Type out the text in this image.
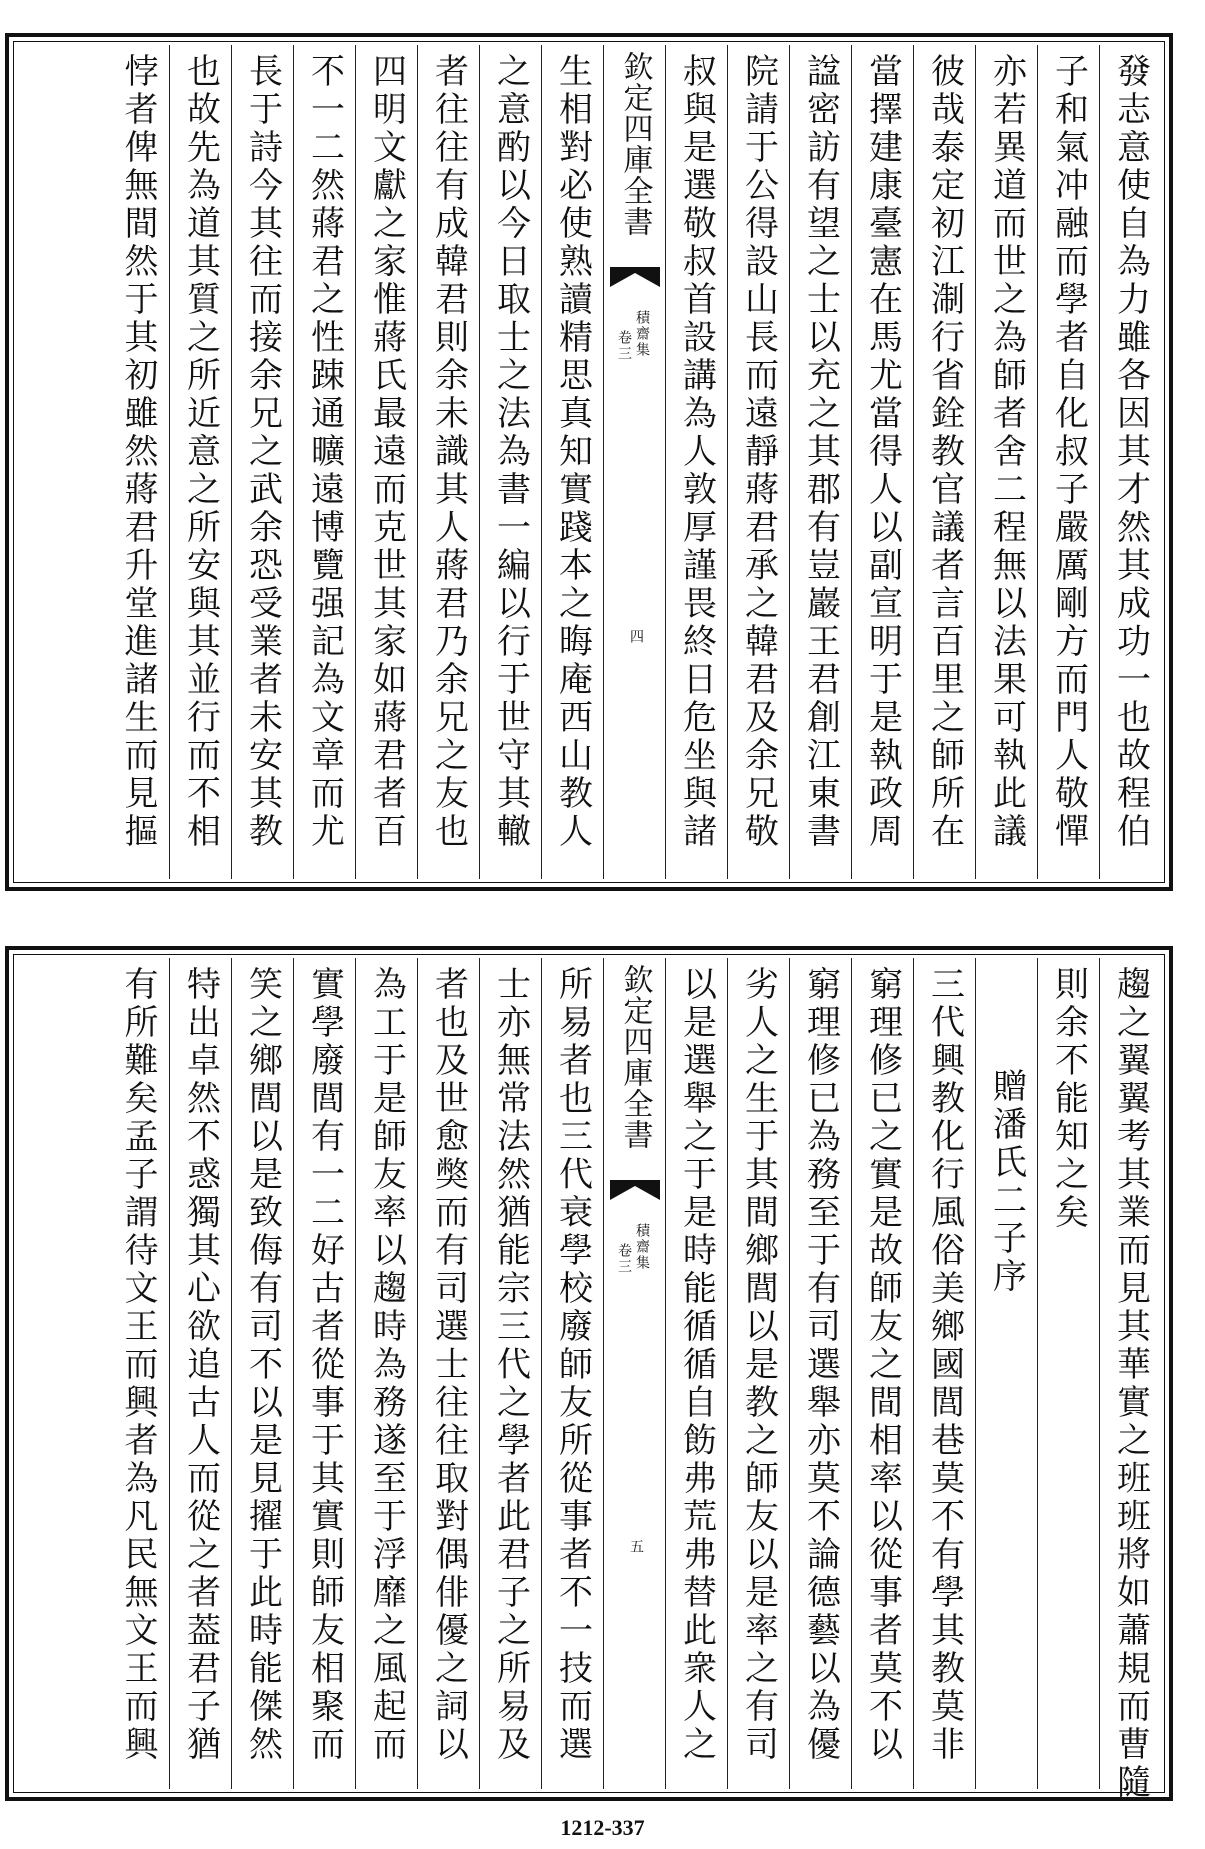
發志意使自為力雖各因其才然其成功一也故程伯
子和氣冲融而學者自化叔子嚴厲剛方而門人敬憚
亦若異道而世之為師者舍二程無以法果可執此議
彼哉泰定初江淛行省銓教官議者言百里之師所在
當擇建康臺憲在馬尤當得人以副宣明于是執政周
諡密訪有望之士以充之其郡有豈巖王君創江東書
院請于公得設山長而遠靜蔣君承之韓君及余兄敬
叔與是選敬叔首設講為人敦厚謹畏終日危坐與諸
欽定四庫全書
積齋集
卷三
四
生相對必使熟讀精思真知實踐本之晦庵西山教人
之意酌以今日取士之法為書一編以行于世守其轍
者往往有成韓君則余未識其人蔣君乃余兄之友也
四明文獻之家惟蔣氏最遠而克世其家如蔣君者百
不一二然蔣君之性踈通曠遠博覽强記為文章而尤
長于詩今其往而接余兄之武余恐受業者未安其教
也故先為道其質之所近意之所安與其並行而不相
悖者俾無間然于其初雖然蔣君升堂進諸生而見摳
趨之翼翼考其業而見其華實之班班將如蕭規而曹隨
則余不能知之矣
贈潘氏二子序
三代興教化行風俗美鄉國閭巷莫不有學其教莫非
窮理修已之實是故師友之間相率以從事者莫不以
窮理修已為務至于有司選舉亦莫不論德藝以為優
劣人之生于其間鄉閭以是教之師友以是率之有司
以是選舉之于是時能循循自飭弗荒弗替此衆人之
欽定四庫全書
積齋集
卷三
五
所易者也三代衰學校廢師友所從事者不一技而選
士亦無常法然猶能宗三代之學者此君子之所易及
者也及世愈獘而有司選士往往取對偶俳優之詞以
為工于是師友率以趨時為務遂至于浮靡之風起而
實學廢閭有一二好古者從事于其實則師友相聚而
笑之鄉閭以是致侮有司不以是見擢于此時能傑然
特出卓然不惑獨其心欲追古人而從之者葢君子猶
有所難矣孟子謂待文王而興者為凡民無文王而興
1212-337
